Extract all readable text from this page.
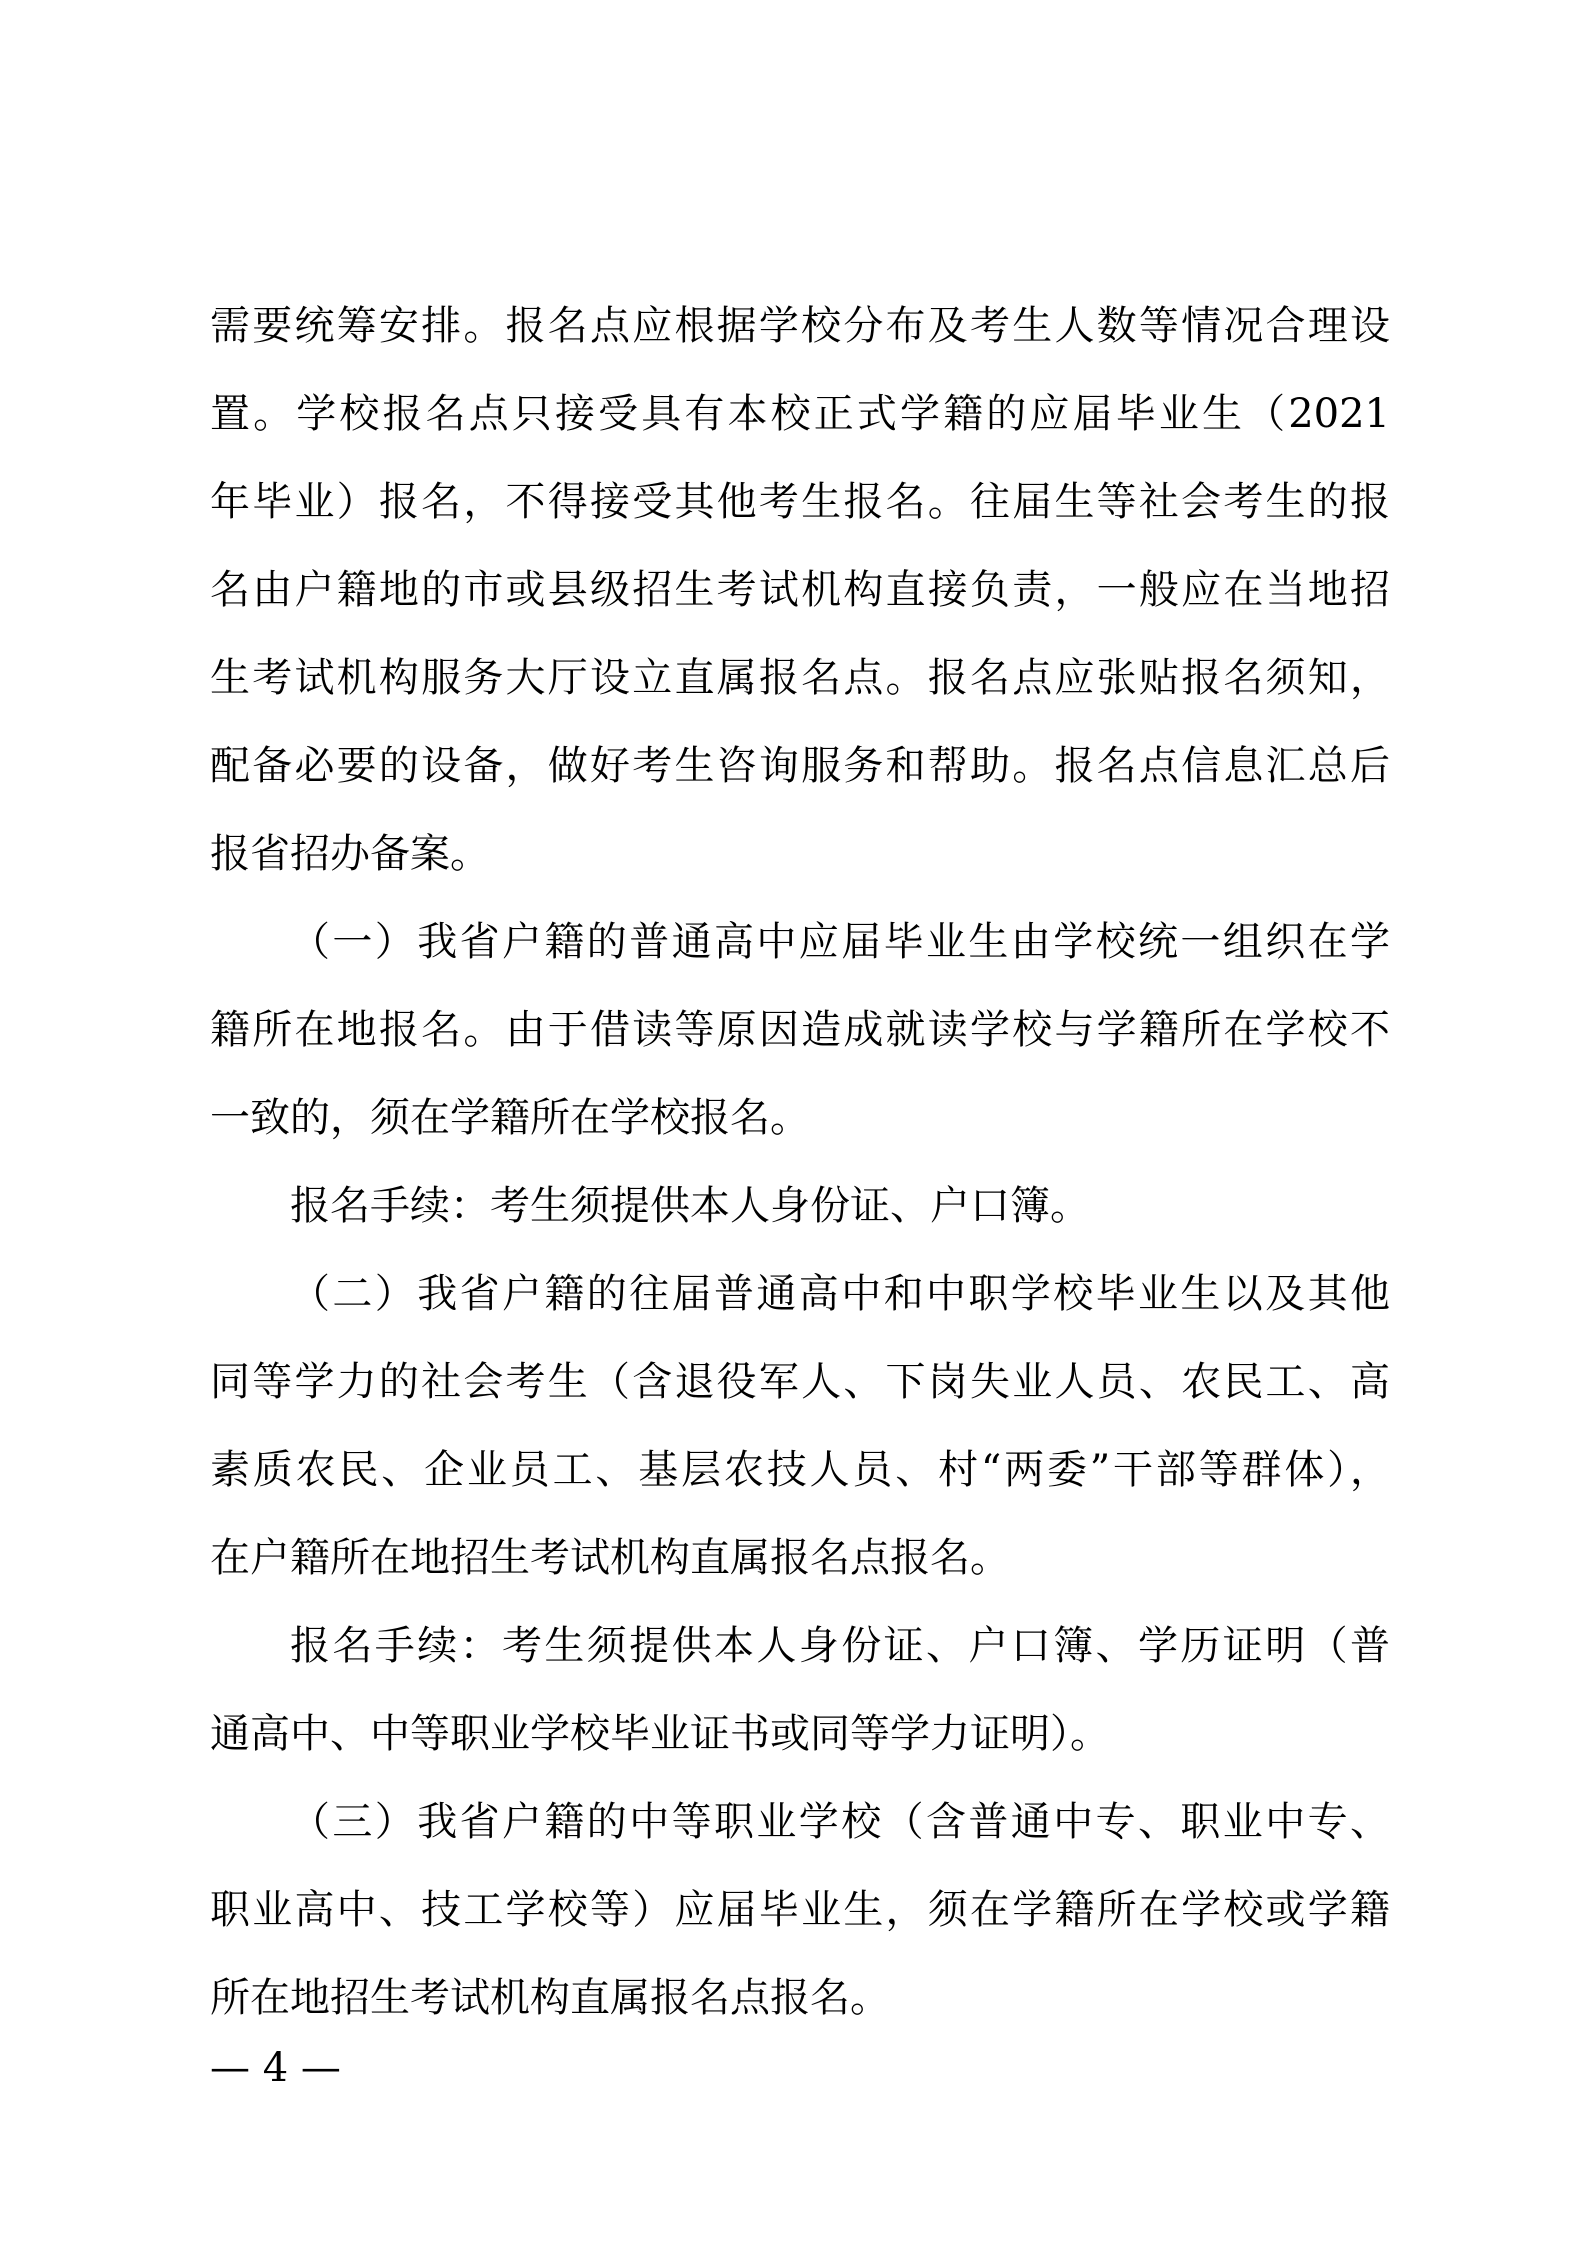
需要统筹安排。报名点应根据学校分布及考生人数等情况合理设
置。学校报名点只接受具有本校正式学籍的应届毕业生（2021
年毕业）报名，不得接受其他考生报名。往届生等社会考生的报
名由户籍地的市或县级招生考试机构直接负责，一般应在当地招
生考试机构服务大厅设立直属报名点。报名点应张贴报名须知，
配备必要的设备，做好考生咨询服务和帮助。报名点信息汇总后
报省招办备案。
（一）我省户籍的普通高中应届毕业生由学校统一组织在学
籍所在地报名。由于借读等原因造成就读学校与学籍所在学校不
一致的，须在学籍所在学校报名。
报名手续：考生须提供本人身份证、户口簿。
（二）我省户籍的往届普通高中和中职学校毕业生以及其他
同等学力的社会考生（含退役军人、下岗失业人员、农民工、高
素质农民、企业员工、基层农技人员、村“两委”干部等群体），
在户籍所在地招生考试机构直属报名点报名。
报名手续：考生须提供本人身份证、户口簿、学历证明（普
通高中、中等职业学校毕业证书或同等学力证明）。
（三）我省户籍的中等职业学校（含普通中专、职业中专、
职业高中、技工学校等）应届毕业生，须在学籍所在学校或学籍
所在地招生考试机构直属报名点报名。
— 4 —
